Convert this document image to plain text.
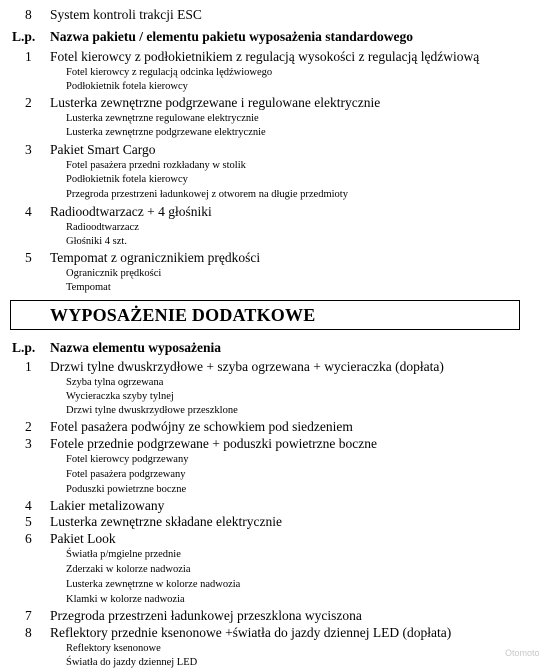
8 System kontroli trakcji ESC
L.p. Nazwa pakietu / elementu pakietu wyposażenia standardowego
1 Fotel kierowcy z podłokietnikiem z regulacją wysokości z regulacją lędźwiową
Fotel kierowcy z regulacją odcinka lędźwiowego
Podłokietnik fotela kierowcy
2 Lusterka zewnętrzne podgrzewane i regulowane elektrycznie
Lusterka zewnętrzne regulowane elektrycznie
Lusterka zewnętrzne podgrzewane elektrycznie
3 Pakiet Smart Cargo
Fotel pasażera przedni rozkładany w stolik
Podłokietnik fotela kierowcy
Przegroda przestrzeni ładunkowej z otworem na długie przedmioty
4 Radioodtwarzacz + 4 głośniki
Radioodtwarzacz
Głośniki 4 szt.
5 Tempomat z ogranicznikiem prędkości
Ogranicznik prędkości
Tempomat
WYPOSAŻENIE DODATKOWE
L.p. Nazwa elementu wyposażenia
1 Drzwi tylne dwuskrzydłowe + szyba ogrzewana + wycieraczka (dopłata)
Szyba tylna ogrzewana
Wycieraczka szyby tylnej
Drzwi tylne dwuskrzydłowe przeszklone
2 Fotel pasażera podwójny ze schowkiem pod siedzeniem
3 Fotele przednie podgrzewane + poduszki powietrzne boczne
Fotel kierowcy podgrzewany
Fotel pasażera podgrzewany
Poduszki powietrzne boczne
4 Lakier metalizowany
5 Lusterka zewnętrzne składane elektrycznie
6 Pakiet Look
Światła p/mgielne przednie
Zderzaki w kolorze nadwozia
Lusterka zewnętrzne w kolorze nadwozia
Klamki w kolorze nadwozia
7 Przegroda przestrzeni ładunkowej przeszklona wyciszona
8 Reflektory przednie ksenonowe +światła do jazdy dziennej LED (dopłata)
Reflektory ksenonowe
Światła do jazdy dziennej LED
Otomoto
